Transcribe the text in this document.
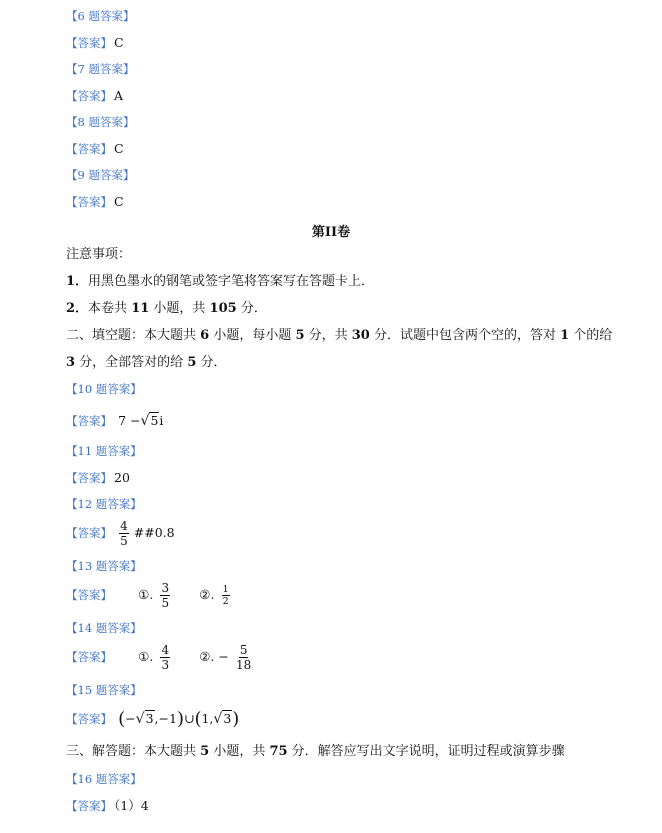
【6 题答案】
【答案】 C
【7 题答案】
【答案】 A
【8 题答案】
【答案】 C
【9 题答案】
【答案】 C
第II卷
注意事项：
1．用黑色墨水的钢笔或签字笔将答案写在答题卡上．
2．本卷共 11 小题，共 105 分．
二、填空题：本大题共 6 小题，每小题 5 分，共 30 分．试题中包含两个空的，答对 1 个的给
3 分，全部答对的给 5 分．
【10 题答案】
【答案】 7 −√5i
【11 题答案】
【答案】 20
【12 题答案】
【答案】 $\frac{4}{5}$ ##0.8
【13 题答案】
【答案】 ①. $\frac{3}{5}$ ②. $\frac{1}{2}$
【14 题答案】
【答案】 ①. $\frac{4}{3}$ ②. − $\frac{5}{18}$
【15 题答案】
【答案】 (−√3,−1)∪(1,√3)
三、解答题：本大题共 5 小题，共 75 分．解答应写出文字说明，证明过程或演算步骤
【16 题答案】
【答案】 （1）4
